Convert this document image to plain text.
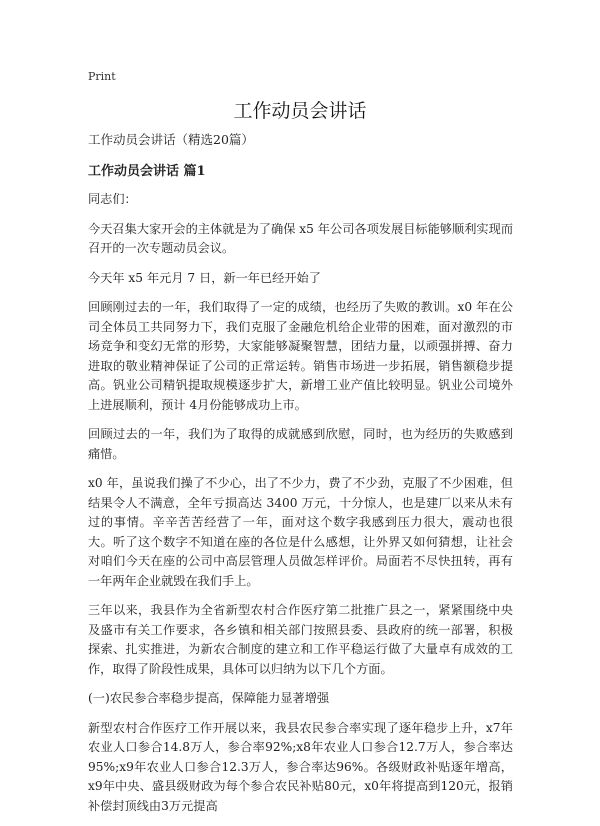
Print
工作动员会讲话

工作动员会讲话（精选20篇）

工作动员会讲话 篇1

同志们：

今天召集大家开会的主体就是为了确保 x5 年公司各项发展目标能够顺利实现而召开的一次专题动员会议。

今天年 x5 年元月 7 日，新一年已经开始了

回顾刚过去的一年，我们取得了一定的成绩，也经历了失败的教训。x0 年在公司全体员工共同努力下，我们克服了金融危机给企业带的困难，面对激烈的市场竞争和变幻无常的形势，大家能够凝聚智慧，团结力量，以顽强拼搏、奋力进取的敬业精神保证了公司的正常运转。销售市场进一步拓展，销售额稳步提高。钒业公司精钒提取规模逐步扩大，新增工业产值比较明显。钒业公司境外上进展顺利，预计 4月份能够成功上市。

回顾过去的一年，我们为了取得的成就感到欣慰，同时，也为经历的失败感到痛惜。

x0 年，虽说我们操了不少心，出了不少力，费了不少劲，克服了不少困难，但结果令人不满意，全年亏损高达 3400 万元，十分惊人，也是建厂以来从未有过的事情。辛辛苦苦经营了一年，面对这个数字我感到压力很大，震动也很大。听了这个数字不知道在座的各位是什么感想，让外界又如何猜想，让社会对咱们今天在座的公司中高层管理人员做怎样评价。局面若不尽快扭转，再有一年两年企业就毁在我们手上。

三年以来，我县作为全省新型农村合作医疗第二批推广县之一，紧紧围绕中央及盛市有关工作要求，各乡镇和相关部门按照县委、县政府的统一部署，积极探索、扎实推进，为新农合制度的建立和工作平稳运行做了大量卓有成效的工作，取得了阶段性成果，具体可以归纳为以下几个方面。

(一)农民参合率稳步提高，保障能力显著增强

新型农村合作医疗工作开展以来，我县农民参合率实现了逐年稳步上升，x7年农业人口参合14.8万人，参合率92%;x8年农业人口参合12.7万人，参合率达95%;x9年农业人口参合12.3万人，参合率达96%。各级财政补贴逐年增高，x9年中央、盛县级财政为每个参合农民补贴80元，x0年将提高到120元，报销补偿封顶线由3万元提高
